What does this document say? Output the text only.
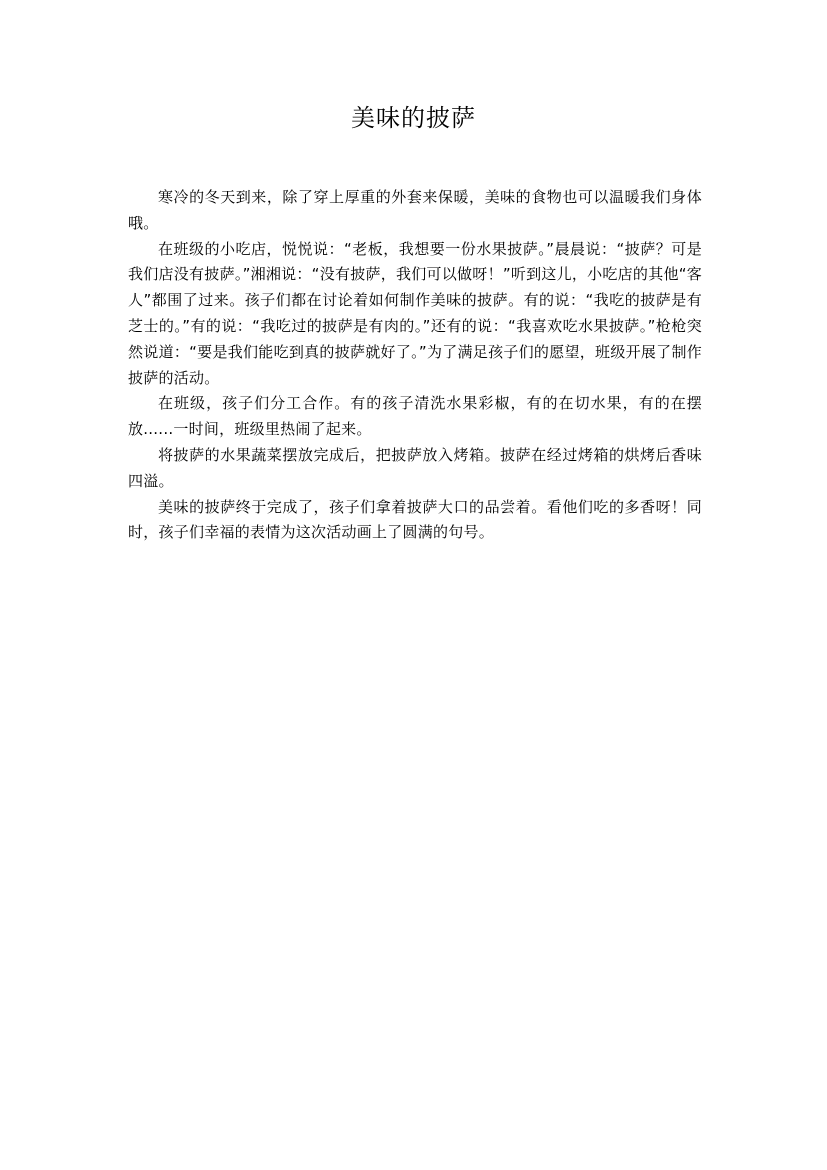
美味的披萨

寒冷的冬天到来，除了穿上厚重的外套来保暖，美味的食物也可以温暖我们身体哦。

在班级的小吃店，悦悦说：“老板，我想要一份水果披萨。”晨晨说：“披萨？可是我们店没有披萨。”湘湘说：“没有披萨，我们可以做呀！”听到这儿，小吃店的其他“客人”都围了过来。孩子们都在讨论着如何制作美味的披萨。有的说：“我吃的披萨是有芝士的。”有的说：“我吃过的披萨是有肉的。”还有的说：“我喜欢吃水果披萨。”枪枪突然说道：“要是我们能吃到真的披萨就好了。”为了满足孩子们的愿望，班级开展了制作披萨的活动。

在班级，孩子们分工合作。有的孩子清洗水果彩椒，有的在切水果，有的在摆放......一时间，班级里热闹了起来。

将披萨的水果蔬菜摆放完成后，把披萨放入烤箱。披萨在经过烤箱的烘烤后香味四溢。

美味的披萨终于完成了，孩子们拿着披萨大口的品尝着。看他们吃的多香呀！同时，孩子们幸福的表情为这次活动画上了圆满的句号。
